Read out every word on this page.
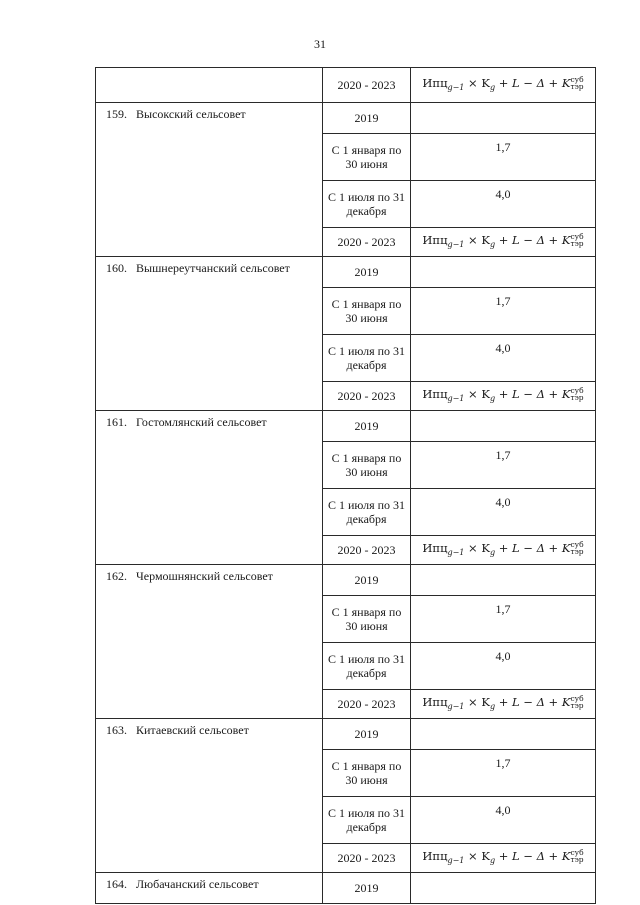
31
	2020 - 2023	$Ипц_{g-1} \times K_g + L - \Delta + K$ суб
тэр

159. Высокский сельсовет	2019	
	С 1 января по 30 июня	1,7
	С 1 июля по 31 декабря	4,0
	2020 - 2023	$Ипц_{g-1} \times K_g + L - \Delta + K$ суб
тэр

160. Вышнереутчанский сельсовет	2019	
	С 1 января по 30 июня	1,7
	С 1 июля по 31 декабря	4,0
	2020 - 2023	$Ипц_{g-1} \times K_g + L - \Delta + K$ суб
тэр

161. Гостомлянский сельсовет	2019	
	С 1 января по 30 июня	1,7
	С 1 июля по 31 декабря	4,0
	2020 - 2023	$Ипц_{g-1} \times K_g + L - \Delta + K$ суб
тэр

162. Чермошнянский сельсовет	2019	
	С 1 января по 30 июня	1,7
	С 1 июля по 31 декабря	4,0
	2020 - 2023	$Ипц_{g-1} \times K_g + L - \Delta + K$ суб
тэр

163. Китаевский сельсовет	2019	
	С 1 января по 30 июня	1,7
	С 1 июля по 31 декабря	4,0
	2020 - 2023	$Ипц_{g-1} \times K_g + L - \Delta + K$ суб
тэр

164. Любачанский сельсовет	2019	
